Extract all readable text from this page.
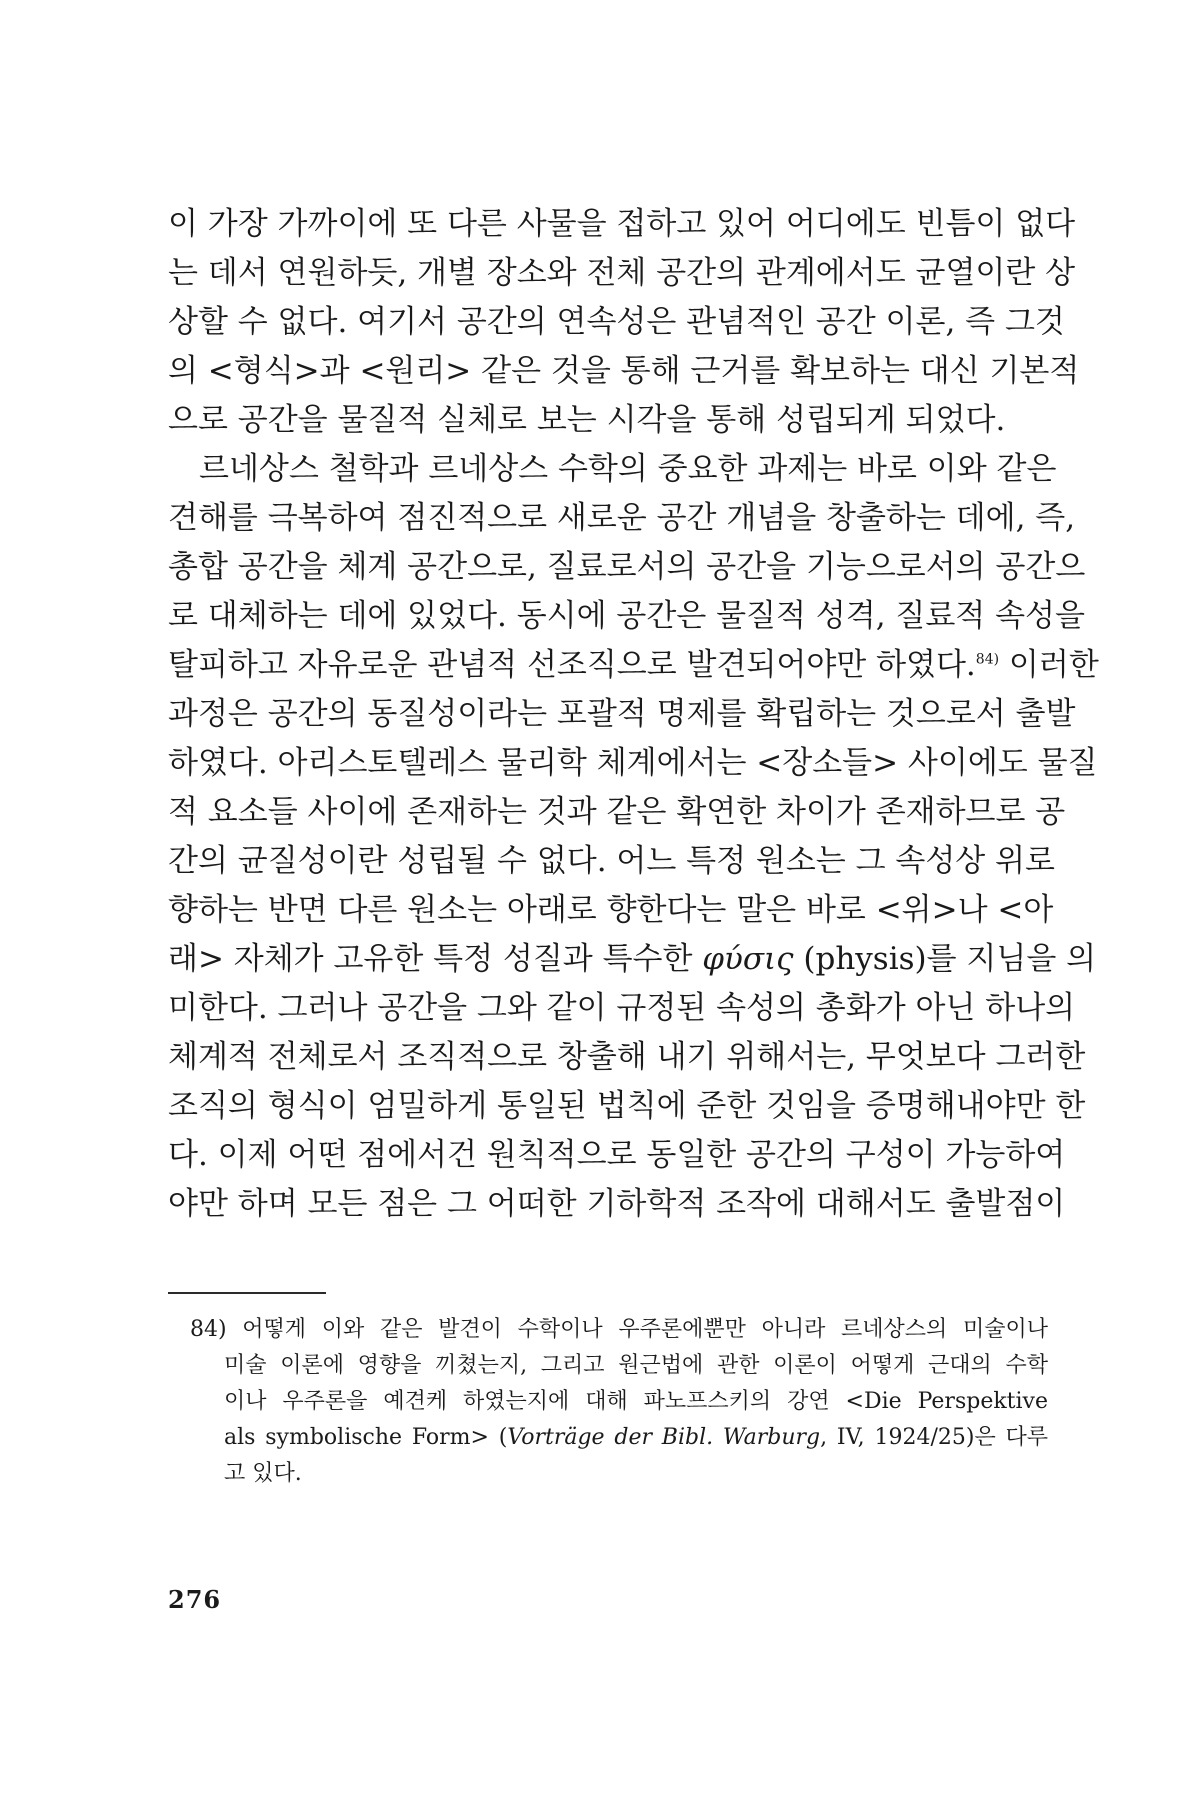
이 가장 가까이에 또 다른 사물을 접하고 있어 어디에도 빈틈이 없다
는 데서 연원하듯, 개별 장소와 전체 공간의 관계에서도 균열이란 상
상할 수 없다. 여기서 공간의 연속성은 관념적인 공간 이론, 즉 그것
의 <형식>과 <원리> 같은 것을 통해 근거를 확보하는 대신 기본적
으로 공간을 물질적 실체로 보는 시각을 통해 성립되게 되었다.

 르네상스 철학과 르네상스 수학의 중요한 과제는 바로 이와 같은
견해를 극복하여 점진적으로 새로운 공간 개념을 창출하는 데에, 즉,
총합 공간을 체계 공간으로, 질료로서의 공간을 기능으로서의 공간으
로 대체하는 데에 있었다. 동시에 공간은 물질적 성격, 질료적 속성을
탈피하고 자유로운 관념적 선조직으로 발견되어야만 하였다.$^{84)}$ 이러한
과정은 공간의 동질성이라는 포괄적 명제를 확립하는 것으로서 출발
하였다. 아리스토텔레스 물리학 체계에서는 <장소들> 사이에도 물질
적 요소들 사이에 존재하는 것과 같은 확연한 차이가 존재하므로 공
간의 균질성이란 성립될 수 없다. 어느 특정 원소는 그 속성상 위로
향하는 반면 다른 원소는 아래로 향한다는 말은 바로 <위>나 <아
래> 자체가 고유한 특정 성질과 특수한 φύσις (physis)를 지님을 의
미한다. 그러나 공간을 그와 같이 규정된 속성의 총화가 아닌 하나의
체계적 전체로서 조직적으로 창출해 내기 위해서는, 무엇보다 그러한
조직의 형식이 엄밀하게 통일된 법칙에 준한 것임을 증명해내야만 한
다. 이제 어떤 점에서건 원칙적으로 동일한 공간의 구성이 가능하여
야만 하며 모든 점은 그 어떠한 기하학적 조작에 대해서도 출발점이

84) 어떻게 이와 같은 발견이 수학이나 우주론에뿐만 아니라 르네상스의 미술이나
미술 이론에 영향을 끼쳤는지, 그리고 원근법에 관한 이론이 어떻게 근대의 수학
이나 우주론을 예견케 하였는지에 대해 파노프스키의 강연 <Die Perspektive
als symbolische Form> (Vorträge der Bibl. Warburg, IV, 1924/25)은 다루
고 있다.
276
